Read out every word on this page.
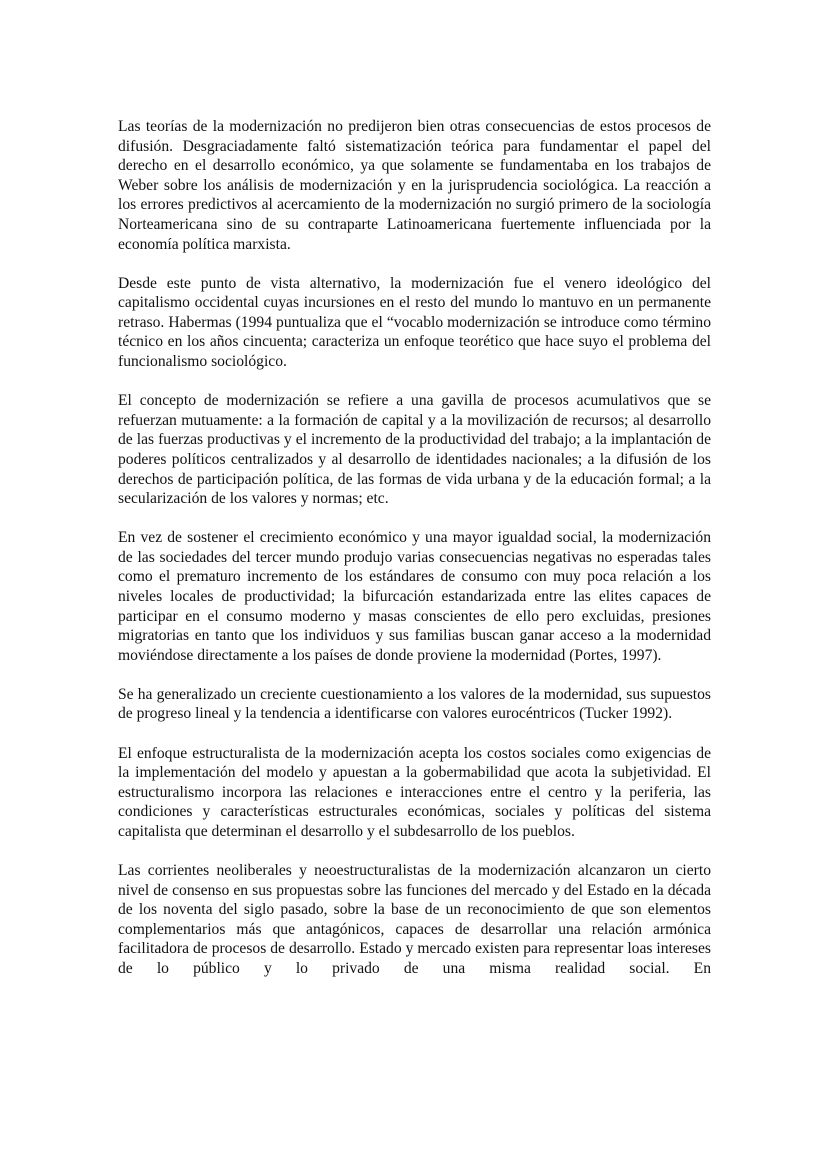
Las teorías de la modernización no predijeron bien otras consecuencias de estos procesos de difusión. Desgraciadamente faltó sistematización teórica para fundamentar el papel del derecho en el desarrollo económico, ya que solamente se fundamentaba en los trabajos de Weber sobre los análisis de modernización y en la jurisprudencia sociológica. La reacción a los errores predictivos al acercamiento de la modernización no surgió primero de la sociología Norteamericana sino de su contraparte Latinoamericana fuertemente influenciada por la economía política marxista.

Desde este punto de vista alternativo, la modernización fue el venero ideológico del capitalismo occidental cuyas incursiones en el resto del mundo lo mantuvo en un permanente retraso. Habermas (1994 puntualiza que el “vocablo modernización se introduce como término técnico en los años cincuenta; caracteriza un enfoque teorético que hace suyo el problema del funcionalismo sociológico.

El concepto de modernización se refiere a una gavilla de procesos acumulativos que se refuerzan mutuamente: a la formación de capital y a la movilización de recursos; al desarrollo de las fuerzas productivas y el incremento de la productividad del trabajo; a la implantación de poderes políticos centralizados y al desarrollo de identidades nacionales; a la difusión de los derechos de participación política, de las formas de vida urbana y de la educación formal; a la secularización de los valores y normas; etc.

En vez de sostener el crecimiento económico y una mayor igualdad social, la modernización de las sociedades del tercer mundo produjo varias consecuencias negativas no esperadas tales como el prematuro incremento de los estándares de consumo con muy poca relación a los niveles locales de productividad; la bifurcación estandarizada entre las elites capaces de participar en el consumo moderno y masas conscientes de ello pero excluidas, presiones migratorias en tanto que los individuos y sus familias buscan ganar acceso a la modernidad moviéndose directamente a los países de donde proviene la modernidad (Portes, 1997).

Se ha generalizado un creciente cuestionamiento a los valores de la modernidad, sus supuestos de progreso lineal y la tendencia a identificarse con valores eurocéntricos (Tucker 1992).

El enfoque estructuralista de la modernización acepta los costos sociales como exigencias de la implementación del modelo y apuestan a la gobermabilidad que acota la subjetividad. El estructuralismo incorpora las relaciones e interacciones entre el centro y la periferia, las condiciones y características estructurales económicas, sociales y políticas del sistema capitalista que determinan el desarrollo y el subdesarrollo de los pueblos.

Las corrientes neoliberales y neoestructuralistas de la modernización alcanzaron un cierto nivel de consenso en sus propuestas sobre las funciones del mercado y del Estado en la década de los noventa del siglo pasado, sobre la base de un reconocimiento de que son elementos complementarios más que antagónicos, capaces de desarrollar una relación armónica facilitadora de procesos de desarrollo. Estado y mercado existen para representar loas intereses de lo público y lo privado de una misma realidad social. En
